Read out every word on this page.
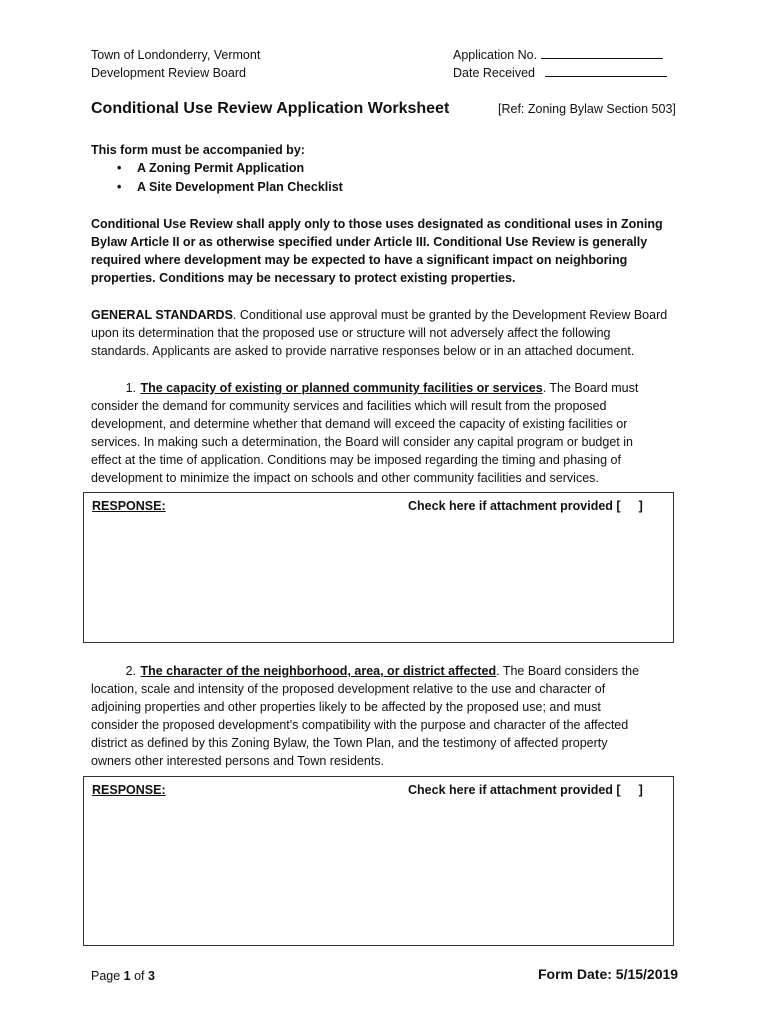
Town of Londonderry, Vermont
Development Review Board
Application No.
Date Received
Conditional Use Review Application Worksheet	[Ref: Zoning Bylaw Section 503]
This form must be accompanied by:
• A Zoning Permit Application
• A Site Development Plan Checklist
Conditional Use Review shall apply only to those uses designated as conditional uses in Zoning
Bylaw Article II or as otherwise specified under Article III. Conditional Use Review is generally
required where development may be expected to have a significant impact on neighboring
properties. Conditions may be necessary to protect existing properties.
GENERAL STANDARDS. Conditional use approval must be granted by the Development Review Board
upon its determination that the proposed use or structure will not adversely affect the following
standards. Applicants are asked to provide narrative responses below or in an attached document.
1. The capacity of existing or planned community facilities or services. The Board must
consider the demand for community services and facilities which will result from the proposed
development, and determine whether that demand will exceed the capacity of existing facilities or
services. In making such a determination, the Board will consider any capital program or budget in
effect at the time of application. Conditions may be imposed regarding the timing and phasing of
development to minimize the impact on schools and other community facilities and services.
RESPONSE:	Check here if attachment provided [ ]
2. The character of the neighborhood, area, or district affected. The Board considers the
location, scale and intensity of the proposed development relative to the use and character of
adjoining properties and other properties likely to be affected by the proposed use; and must
consider the proposed development's compatibility with the purpose and character of the affected
district as defined by this Zoning Bylaw, the Town Plan, and the testimony of affected property
owners other interested persons and Town residents.
RESPONSE:	Check here if attachment provided [ ]
Page 1 of 3	Form Date: 5/15/2019
